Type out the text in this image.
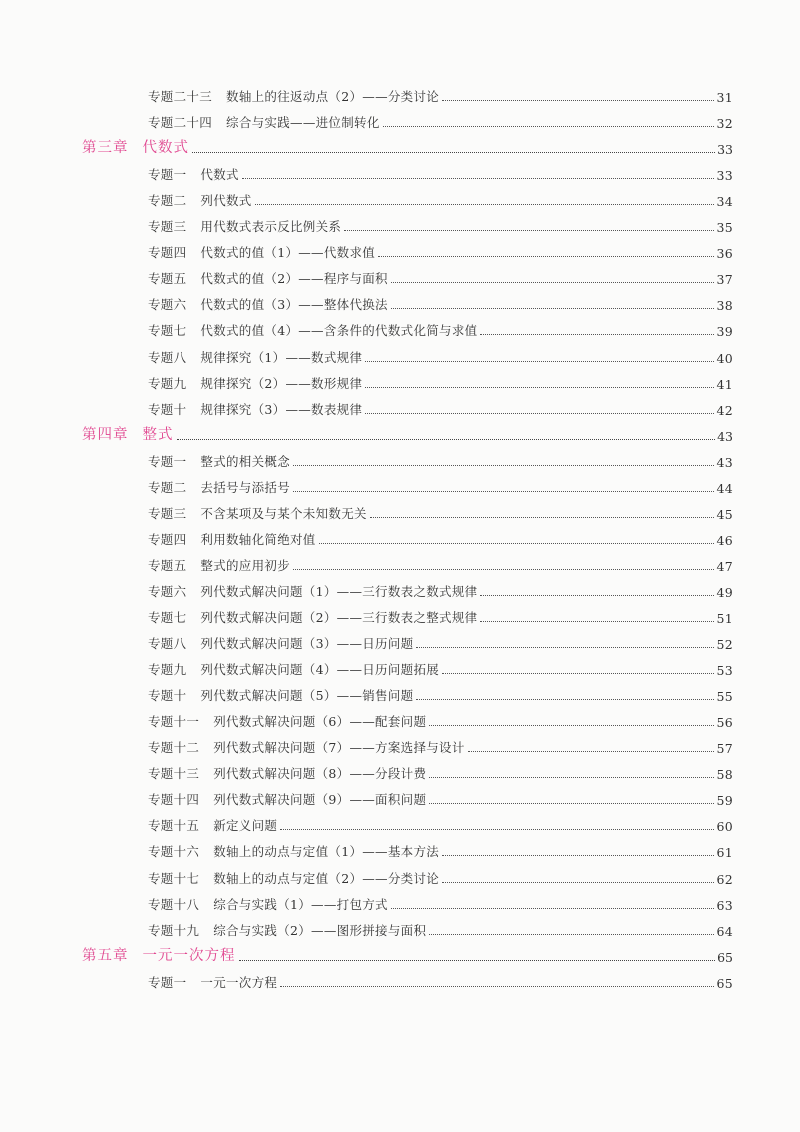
专题二十三 数轴上的往返动点（2）——分类讨论	31
专题二十四 综合与实践——进位制转化	32
第三章 代数式	33
专题一 代数式	33
专题二 列代数式	34
专题三 用代数式表示反比例关系	35
专题四 代数式的值（1）——代数求值	36
专题五 代数式的值（2）——程序与面积	37
专题六 代数式的值（3）——整体代换法	38
专题七 代数式的值（4）——含条件的代数式化简与求值	39
专题八 规律探究（1）——数式规律	40
专题九 规律探究（2）——数形规律	41
专题十 规律探究（3）——数表规律	42
第四章 整式	43
专题一 整式的相关概念	43
专题二 去括号与添括号	44
专题三 不含某项及与某个未知数无关	45
专题四 利用数轴化简绝对值	46
专题五 整式的应用初步	47
专题六 列代数式解决问题（1）——三行数表之数式规律	49
专题七 列代数式解决问题（2）——三行数表之整式规律	51
专题八 列代数式解决问题（3）——日历问题	52
专题九 列代数式解决问题（4）——日历问题拓展	53
专题十 列代数式解决问题（5）——销售问题	55
专题十一 列代数式解决问题（6）——配套问题	56
专题十二 列代数式解决问题（7）——方案选择与设计	57
专题十三 列代数式解决问题（8）——分段计费	58
专题十四 列代数式解决问题（9）——面积问题	59
专题十五 新定义问题	60
专题十六 数轴上的动点与定值（1）——基本方法	61
专题十七 数轴上的动点与定值（2）——分类讨论	62
专题十八 综合与实践（1）——打包方式	63
专题十九 综合与实践（2）——图形拼接与面积	64
第五章 一元一次方程	65
专题一 一元一次方程	65
